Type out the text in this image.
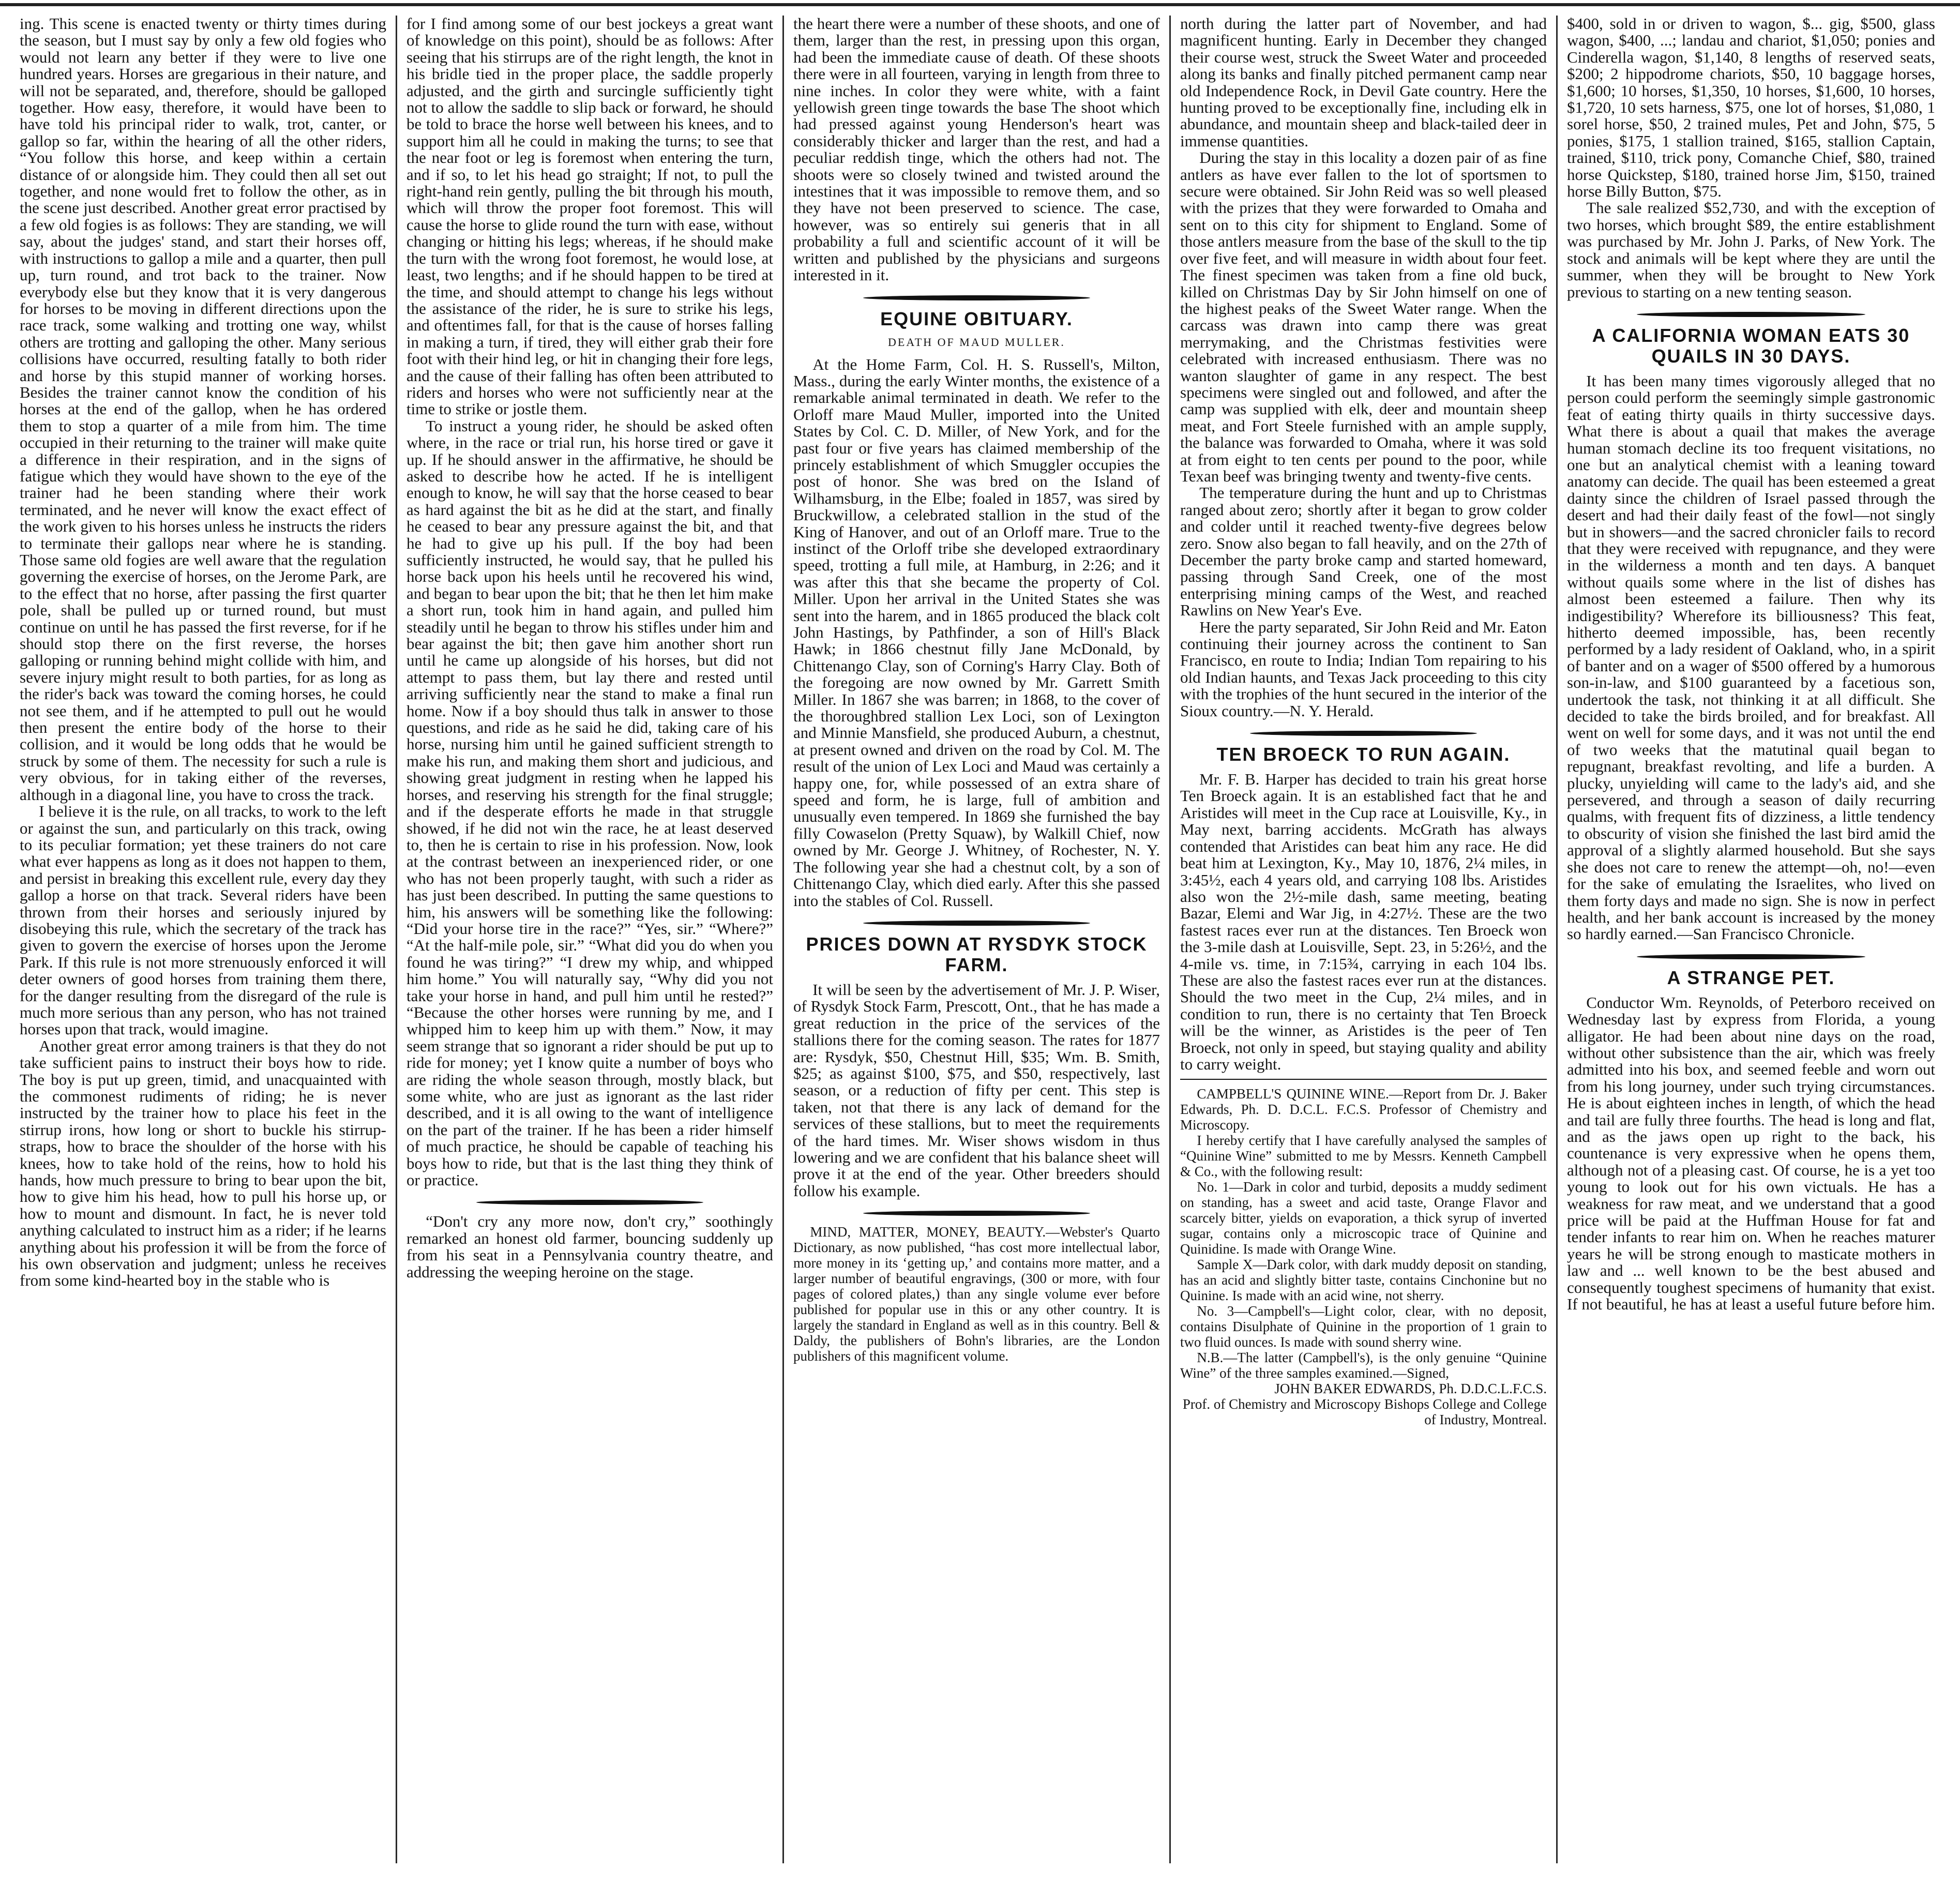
ing. This scene is enacted twenty or thirty times during the season, but I must say by only a few old fogies who would not learn any better if they were to live one hundred years. Horses are gregarious in their nature, and will not be separated, and, therefore, should be galloped together. How easy, therefore, it would have been to have told his principal rider to walk, trot, canter, or gallop so far, within the hearing of all the other riders, “You follow this horse, and keep within a certain distance of or alongside him. They could then all set out together, and none would fret to follow the other, as in the scene just described. Another great error practised by a few old fogies is as follows: They are standing, we will say, about the judges' stand, and start their horses off, with instructions to gallop a mile and a quarter, then pull up, turn round, and trot back to the trainer. Now everybody else but they know that it is very dangerous for horses to be moving in different directions upon the race track, some walking and trotting one way, whilst others are trotting and galloping the other. Many serious collisions have occurred, resulting fatally to both rider and horse by this stupid manner of working horses. Besides the trainer cannot know the condition of his horses at the end of the gallop, when he has ordered them to stop a quarter of a mile from him. The time occupied in their returning to the trainer will make quite a difference in their respiration, and in the signs of fatigue which they would have shown to the eye of the trainer had he been standing where their work terminated, and he never will know the exact effect of the work given to his horses unless he instructs the riders to terminate their gallops near where he is standing. Those same old fogies are well aware that the regulation governing the exercise of horses, on the Jerome Park, are to the effect that no horse, after passing the first quarter pole, shall be pulled up or turned round, but must continue on until he has passed the first reverse, for if he should stop there on the first reverse, the horses galloping or running behind might collide with him, and severe injury might result to both parties, for as long as the rider's back was toward the coming horses, he could not see them, and if he attempted to pull out he would then present the entire body of the horse to their collision, and it would be long odds that he would be struck by some of them. The necessity for such a rule is very obvious, for in taking either of the reverses, although in a diagonal line, you have to cross the track.

I believe it is the rule, on all tracks, to work to the left or against the sun, and particularly on this track, owing to its peculiar formation; yet these trainers do not care what ever happens as long as it does not happen to them, and persist in breaking this excellent rule, every day they gallop a horse on that track. Several riders have been thrown from their horses and seriously injured by disobeying this rule, which the secretary of the track has given to govern the exercise of horses upon the Jerome Park. If this rule is not more strenuously enforced it will deter owners of good horses from training them there, for the danger resulting from the disregard of the rule is much more serious than any person, who has not trained horses upon that track, would imagine.

Another great error among trainers is that they do not take sufficient pains to instruct their boys how to ride. The boy is put up green, timid, and unacquainted with the commonest rudiments of riding; he is never instructed by the trainer how to place his feet in the stirrup irons, how long or short to buckle his stirrup-straps, how to brace the shoulder of the horse with his knees, how to take hold of the reins, how to hold his hands, how much pressure to bring to bear upon the bit, how to give him his head, how to pull his horse up, or how to mount and dismount. In fact, he is never told anything calculated to instruct him as a rider; if he learns anything about his profession it will be from the force of his own observation and judgment; unless he receives from some kind-hearted boy in the stable who is

for I find among some of our best jockeys a great want of knowledge on this point), should be as follows: After seeing that his stirrups are of the right length, the knot in his bridle tied in the proper place, the saddle properly adjusted, and the girth and surcingle sufficiently tight not to allow the saddle to slip back or forward, he should be told to brace the horse well between his knees, and to support him all he could in making the turns; to see that the near foot or leg is foremost when entering the turn, and if so, to let his head go straight; If not, to pull the right-hand rein gently, pulling the bit through his mouth, which will throw the proper foot foremost. This will cause the horse to glide round the turn with ease, without changing or hitting his legs; whereas, if he should make the turn with the wrong foot foremost, he would lose, at least, two lengths; and if he should happen to be tired at the time, and should attempt to change his legs without the assistance of the rider, he is sure to strike his legs, and oftentimes fall, for that is the cause of horses falling in making a turn, if tired, they will either grab their fore foot with their hind leg, or hit in changing their fore legs, and the cause of their falling has often been attributed to riders and horses who were not sufficiently near at the time to strike or jostle them.

To instruct a young rider, he should be asked often where, in the race or trial run, his horse tired or gave it up. If he should answer in the affirmative, he should be asked to describe how he acted. If he is intelligent enough to know, he will say that the horse ceased to bear as hard against the bit as he did at the start, and finally he ceased to bear any pressure against the bit, and that he had to give up his pull. If the boy had been sufficiently instructed, he would say, that he pulled his horse back upon his heels until he recovered his wind, and began to bear upon the bit; that he then let him make a short run, took him in hand again, and pulled him steadily until he began to throw his stifles under him and bear against the bit; then gave him another short run until he came up alongside of his horses, but did not attempt to pass them, but lay there and rested until arriving sufficiently near the stand to make a final run home. Now if a boy should thus talk in answer to those questions, and ride as he said he did, taking care of his horse, nursing him until he gained sufficient strength to make his run, and making them short and judicious, and showing great judgment in resting when he lapped his horses, and reserving his strength for the final struggle; and if the desperate efforts he made in that struggle showed, if he did not win the race, he at least deserved to, then he is certain to rise in his profession. Now, look at the contrast between an inexperienced rider, or one who has not been properly taught, with such a rider as has just been described. In putting the same questions to him, his answers will be something like the following: “Did your horse tire in the race?” “Yes, sir.” “Where?” “At the half-mile pole, sir.” “What did you do when you found he was tiring?” “I drew my whip, and whipped him home.” You will naturally say, “Why did you not take your horse in hand, and pull him until he rested?” “Because the other horses were running by me, and I whipped him to keep him up with them.” Now, it may seem strange that so ignorant a rider should be put up to ride for money; yet I know quite a number of boys who are riding the whole season through, mostly black, but some white, who are just as ignorant as the last rider described, and it is all owing to the want of intelligence on the part of the trainer. If he has been a rider himself of much practice, he should be capable of teaching his boys how to ride, but that is the last thing they think of or practice.

“Don't cry any more now, don't cry,” soothingly remarked an honest old farmer, bouncing suddenly up from his seat in a Pennsylvania country theatre, and addressing the weeping heroine on the stage.

the heart there were a number of these shoots, and one of them, larger than the rest, in pressing upon this organ, had been the immediate cause of death. Of these shoots there were in all fourteen, varying in length from three to nine inches. In color they were white, with a faint yellowish green tinge towards the base The shoot which had pressed against young Henderson's heart was considerably thicker and larger than the rest, and had a peculiar reddish tinge, which the others had not. The shoots were so closely twined and twisted around the intestines that it was impossible to remove them, and so they have not been preserved to science. The case, however, was so entirely sui generis that in all probability a full and scientific account of it will be written and published by the physicians and surgeons interested in it.

EQUINE OBITUARY.
DEATH OF MAUD MULLER.

At the Home Farm, Col. H. S. Russell's, Milton, Mass., during the early Winter months, the existence of a remarkable animal terminated in death. We refer to the Orloff mare Maud Muller, imported into the United States by Col. C. D. Miller, of New York, and for the past four or five years has claimed membership of the princely establishment of which Smuggler occupies the post of honor. She was bred on the Island of Wilhamsburg, in the Elbe; foaled in 1857, was sired by Bruckwillow, a celebrated stallion in the stud of the King of Hanover, and out of an Orloff mare. True to the instinct of the Orloff tribe she developed extraordinary speed, trotting a full mile, at Hamburg, in 2:26; and it was after this that she became the property of Col. Miller. Upon her arrival in the United States she was sent into the harem, and in 1865 produced the black colt John Hastings, by Pathfinder, a son of Hill's Black Hawk; in 1866 chestnut filly Jane McDonald, by Chittenango Clay, son of Corning's Harry Clay. Both of the foregoing are now owned by Mr. Garrett Smith Miller. In 1867 she was barren; in 1868, to the cover of the thoroughbred stallion Lex Loci, son of Lexington and Minnie Mansfield, she produced Auburn, a chestnut, at present owned and driven on the road by Col. M. The result of the union of Lex Loci and Maud was certainly a happy one, for, while possessed of an extra share of speed and form, he is large, full of ambition and unusually even tempered. In 1869 she furnished the bay filly Cowaselon (Pretty Squaw), by Walkill Chief, now owned by Mr. George J. Whitney, of Rochester, N. Y. The following year she had a chestnut colt, by a son of Chittenango Clay, which died early. After this she passed into the stables of Col. Russell.

PRICES DOWN AT RYSDYK STOCK FARM.

It will be seen by the advertisement of Mr. J. P. Wiser, of Rysdyk Stock Farm, Prescott, Ont., that he has made a great reduction in the price of the services of the stallions there for the coming season. The rates for 1877 are: Rysdyk, $50, Chestnut Hill, $35; Wm. B. Smith, $25; as against $100, $75, and $50, respectively, last season, or a reduction of fifty per cent. This step is taken, not that there is any lack of demand for the services of these stallions, but to meet the requirements of the hard times. Mr. Wiser shows wisdom in thus lowering and we are confident that his balance sheet will prove it at the end of the year. Other breeders should follow his example.

MIND, MATTER, MONEY, BEAUTY.—Webster's Quarto Dictionary, as now published, “has cost more intellectual labor, more money in its ‘getting up,’ and contains more matter, and a larger number of beautiful engravings, (300 or more, with four pages of colored plates,) than any single volume ever before published for popular use in this or any other country. It is largely the standard in England as well as in this country. Bell & Daldy, the publishers of Bohn's libraries, are the London publishers of this magnificent volume.

north during the latter part of November, and had magnificent hunting. Early in December they changed their course west, struck the Sweet Water and proceeded along its banks and finally pitched permanent camp near old Independence Rock, in Devil Gate country. Here the hunting proved to be exceptionally fine, including elk in abundance, and mountain sheep and black-tailed deer in immense quantities.

During the stay in this locality a dozen pair of as fine antlers as have ever fallen to the lot of sportsmen to secure were obtained. Sir John Reid was so well pleased with the prizes that they were forwarded to Omaha and sent on to this city for shipment to England. Some of those antlers measure from the base of the skull to the tip over five feet, and will measure in width about four feet. The finest specimen was taken from a fine old buck, killed on Christmas Day by Sir John himself on one of the highest peaks of the Sweet Water range. When the carcass was drawn into camp there was great merrymaking, and the Christmas festivities were celebrated with increased enthusiasm. There was no wanton slaughter of game in any respect. The best specimens were singled out and followed, and after the camp was supplied with elk, deer and mountain sheep meat, and Fort Steele furnished with an ample supply, the balance was forwarded to Omaha, where it was sold at from eight to ten cents per pound to the poor, while Texan beef was bringing twenty and twenty-five cents.

The temperature during the hunt and up to Christmas ranged about zero; shortly after it began to grow colder and colder until it reached twenty-five degrees below zero. Snow also began to fall heavily, and on the 27th of December the party broke camp and started homeward, passing through Sand Creek, one of the most enterprising mining camps of the West, and reached Rawlins on New Year's Eve.

Here the party separated, Sir John Reid and Mr. Eaton continuing their journey across the continent to San Francisco, en route to India; Indian Tom repairing to his old Indian haunts, and Texas Jack proceeding to this city with the trophies of the hunt secured in the interior of the Sioux country.—N. Y. Herald.

TEN BROECK TO RUN AGAIN.

Mr. F. B. Harper has decided to train his great horse Ten Broeck again. It is an established fact that he and Aristides will meet in the Cup race at Louisville, Ky., in May next, barring accidents. McGrath has always contended that Aristides can beat him any race. He did beat him at Lexington, Ky., May 10, 1876, 2¼ miles, in 3:45½, each 4 years old, and carrying 108 lbs. Aristides also won the 2½-mile dash, same meeting, beating Bazar, Elemi and War Jig, in 4:27½. These are the two fastest races ever run at the distances. Ten Broeck won the 3-mile dash at Louisville, Sept. 23, in 5:26½, and the 4-mile vs. time, in 7:15¾, carrying in each 104 lbs. These are also the fastest races ever run at the distances. Should the two meet in the Cup, 2¼ miles, and in condition to run, there is no certainty that Ten Broeck will be the winner, as Aristides is the peer of Ten Broeck, not only in speed, but staying quality and ability to carry weight.

CAMPBELL'S QUININE WINE.—Report from Dr. J. Baker Edwards, Ph. D. D.C.L. F.C.S. Professor of Chemistry and Microscopy.

I hereby certify that I have carefully analysed the samples of “Quinine Wine” submitted to me by Messrs. Kenneth Campbell & Co., with the following result:

No. 1—Dark in color and turbid, deposits a muddy sediment on standing, has a sweet and acid taste, Orange Flavor and scarcely bitter, yields on evaporation, a thick syrup of inverted sugar, contains only a microscopic trace of Quinine and Quinidine. Is made with Orange Wine.

Sample X—Dark color, with dark muddy deposit on standing, has an acid and slightly bitter taste, contains Cinchonine but no Quinine. Is made with an acid wine, not sherry.

No. 3—Campbell's—Light color, clear, with no deposit, contains Disulphate of Quinine in the proportion of 1 grain to two fluid ounces. Is made with sound sherry wine.

N.B.—The latter (Campbell's), is the only genuine “Quinine Wine” of the three samples examined.—Signed,

JOHN BAKER EDWARDS, Ph. D.D.C.L.F.C.S.

Prof. of Chemistry and Microscopy Bishops College and College of Industry, Montreal.

$400, sold in or driven to wagon, $... gig, $500, glass wagon, $400, ...; landau and chariot, $1,050; ponies and Cinderella wagon, $1,140, 8 lengths of reserved seats, $200; 2 hippodrome chariots, $50, 10 baggage horses, $1,600; 10 horses, $1,350, 10 horses, $1,600, 10 horses, $1,720, 10 sets harness, $75, one lot of horses, $1,080, 1 sorel horse, $50, 2 trained mules, Pet and John, $75, 5 ponies, $175, 1 stallion trained, $165, stallion Captain, trained, $110, trick pony, Comanche Chief, $80, trained horse Quickstep, $180, trained horse Jim, $150, trained horse Billy Button, $75.

The sale realized $52,730, and with the exception of two horses, which brought $89, the entire establishment was purchased by Mr. John J. Parks, of New York. The stock and animals will be kept where they are until the summer, when they will be brought to New York previous to starting on a new tenting season.

A CALIFORNIA WOMAN EATS 30 QUAILS IN 30 DAYS.

It has been many times vigorously alleged that no person could perform the seemingly simple gastronomic feat of eating thirty quails in thirty successive days. What there is about a quail that makes the average human stomach decline its too frequent visitations, no one but an analytical chemist with a leaning toward anatomy can decide. The quail has been esteemed a great dainty since the children of Israel passed through the desert and had their daily feast of the fowl—not singly but in showers—and the sacred chronicler fails to record that they were received with repugnance, and they were in the wilderness a month and ten days. A banquet without quails some where in the list of dishes has almost been esteemed a failure. Then why its indigestibility? Wherefore its billiousness? This feat, hitherto deemed impossible, has, been recently performed by a lady resident of Oakland, who, in a spirit of banter and on a wager of $500 offered by a humorous son-in-law, and $100 guaranteed by a facetious son, undertook the task, not thinking it at all difficult. She decided to take the birds broiled, and for breakfast. All went on well for some days, and it was not until the end of two weeks that the matutinal quail began to repugnant, breakfast revolting, and life a burden. A plucky, unyielding will came to the lady's aid, and she persevered, and through a season of daily recurring qualms, with frequent fits of dizziness, a little tendency to obscurity of vision she finished the last bird amid the approval of a slightly alarmed household. But she says she does not care to renew the attempt—oh, no!—even for the sake of emulating the Israelites, who lived on them forty days and made no sign. She is now in perfect health, and her bank account is increased by the money so hardly earned.—San Francisco Chronicle.

A STRANGE PET.

Conductor Wm. Reynolds, of Peterboro received on Wednesday last by express from Florida, a young alligator. He had been about nine days on the road, without other subsistence than the air, which was freely admitted into his box, and seemed feeble and worn out from his long journey, under such trying circumstances. He is about eighteen inches in length, of which the head and tail are fully three fourths. The head is long and flat, and as the jaws open up right to the back, his countenance is very expressive when he opens them, although not of a pleasing cast. Of course, he is a yet too young to look out for his own victuals. He has a weakness for raw meat, and we understand that a good price will be paid at the Huffman House for fat and tender infants to rear him on. When he reaches maturer years he will be strong enough to masticate mothers in law and ... well known to be the best abused and consequently toughest specimens of humanity that exist. If not beautiful, he has at least a useful future before him.
